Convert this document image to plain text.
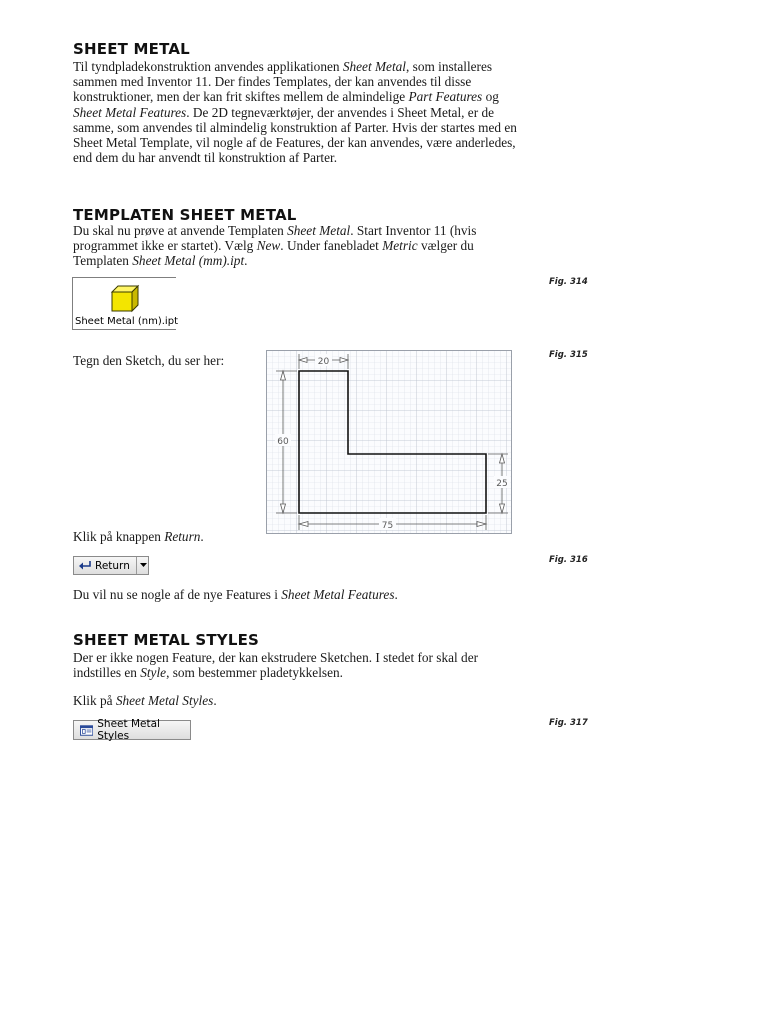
SHEET METAL

Til tyndpladekonstruktion anvendes applikationen Sheet Metal, som installeres sammen med Inventor 11. Der findes Templates, der kan anvendes til disse konstruktioner, men der kan frit skiftes mellem de almindelige Part Features og Sheet Metal Features. De 2D tegneværktøjer, der anvendes i Sheet Metal, er de samme, som anvendes til almindelig konstruktion af Parter. Hvis der startes med en Sheet Metal Template, vil nogle af de Features, der kan anvendes, være anderledes, end dem du har anvendt til konstruktion af Parter.

TEMPLATEN SHEET METAL

Du skal nu prøve at anvende Templaten Sheet Metal. Start Inventor 11 (hvis programmet ikke er startet). Vælg New. Under fanebladet Metric vælger du Templaten Sheet Metal (mm).ipt.

Fig. 314
Sheet Metal (nm).ipt

Tegn den Sketch, du ser her:	Fig. 315
20
60
25
75

Klik på knappen Return.

Fig. 316
Return

Du vil nu se nogle af de nye Features i Sheet Metal Features.

SHEET METAL STYLES

Der er ikke nogen Feature, der kan ekstrudere Sketchen. I stedet for skal der indstilles en Style, som bestemmer pladetykkelsen.

Klik på Sheet Metal Styles.

Fig. 317
Sheet Metal Styles
